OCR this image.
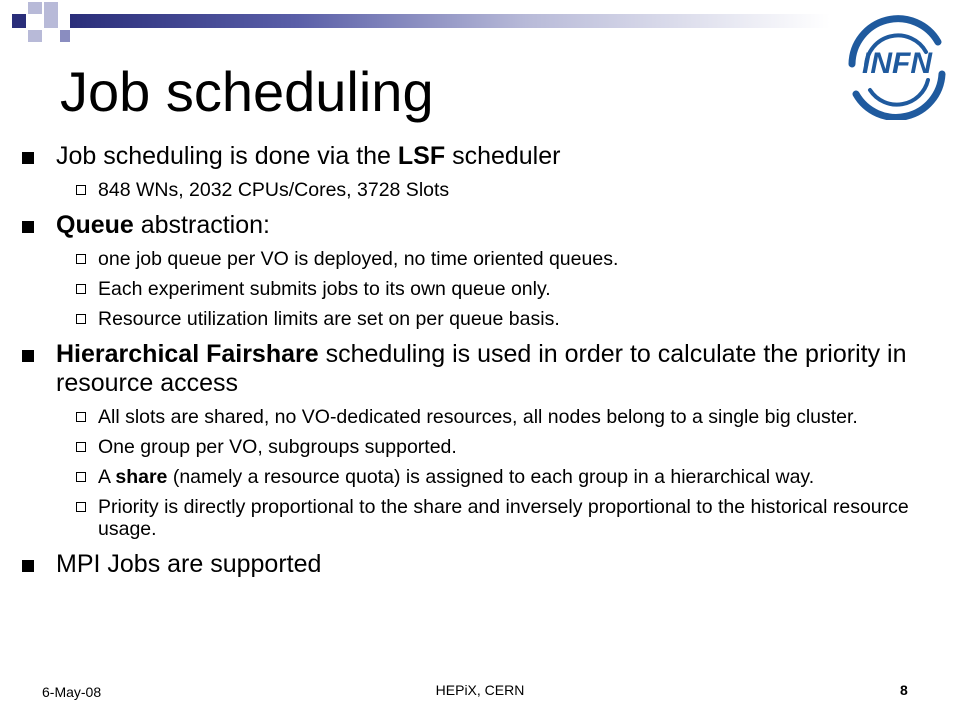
Job scheduling	INFN
Job scheduling is done via the LSF scheduler
848 WNs, 2032 CPUs/Cores, 3728 Slots
Queue abstraction:
one job queue per VO is deployed, no time oriented queues.
Each experiment submits jobs to its own queue only.
Resource utilization limits are set on per queue basis.
Hierarchical Fairshare scheduling is used in order to calculate the priority in resource access
All slots are shared, no VO-dedicated resources, all nodes belong to a single big cluster.
One group per VO, subgroups supported.
A share (namely a resource quota) is assigned to each group in a hierarchical way.
Priority is directly proportional to the share and inversely proportional to the historical resource usage.
MPI Jobs are supported
6-May-08	HEPiX, CERN	8
